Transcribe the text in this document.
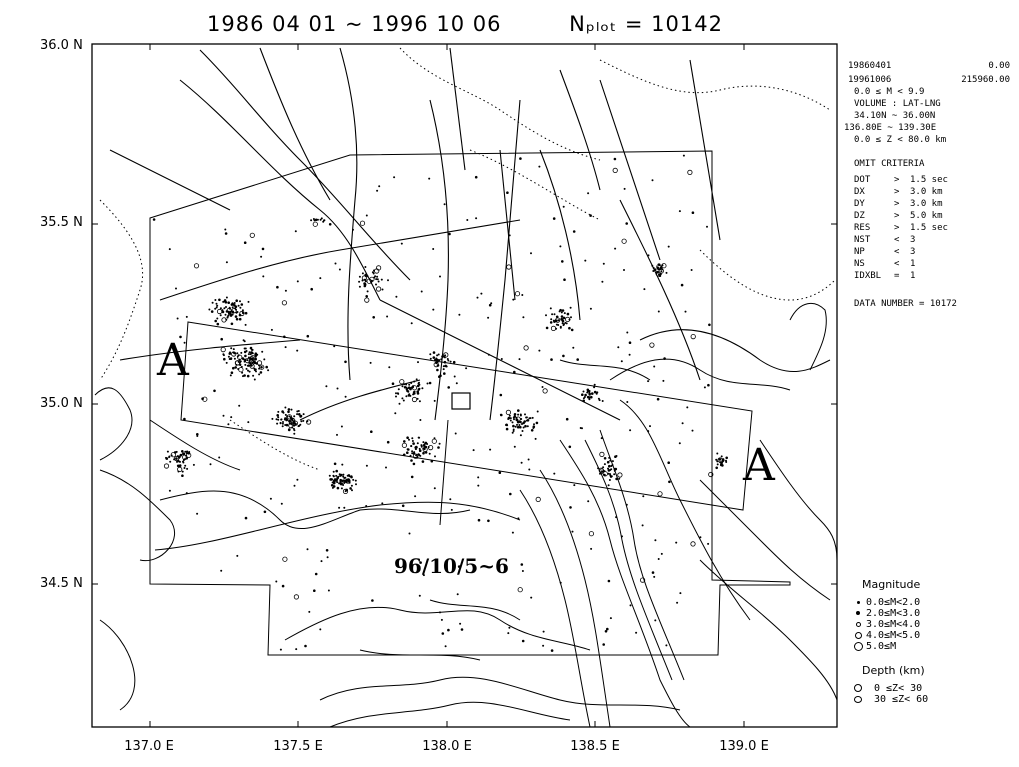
1986 04 01 ~ 1996 10 06	Nₚₗₒₜ = 10142
36.0 N
35.5 N
35.0 N
34.5 N
137.0 E	137.5 E	138.0 E	138.5 E	139.0 E
A
A
96/10/5~6
19860401	0.00
19961006	215960.00
0.0 ≤ M < 9.9
VOLUME : LAT-LNG
34.10N ~ 36.00N
136.80E ~ 139.30E
0.0 ≤ Z < 80.0 km
OMIT CRITERIA
DOT	> 1.5 sec
DX	> 3.0 km
DY	> 3.0 km
DZ	> 5.0 km
RES	> 1.5 sec
NST	< 3
NP	< 3
NS	< 1
IDXBL = 1
DATA NUMBER = 10172
Magnitude
0.0≤M<2.0
2.0≤M<3.0
3.0≤M<4.0
4.0≤M<5.0
5.0≤M
Depth (km)
0 ≤Z< 30
30 ≤Z< 60
